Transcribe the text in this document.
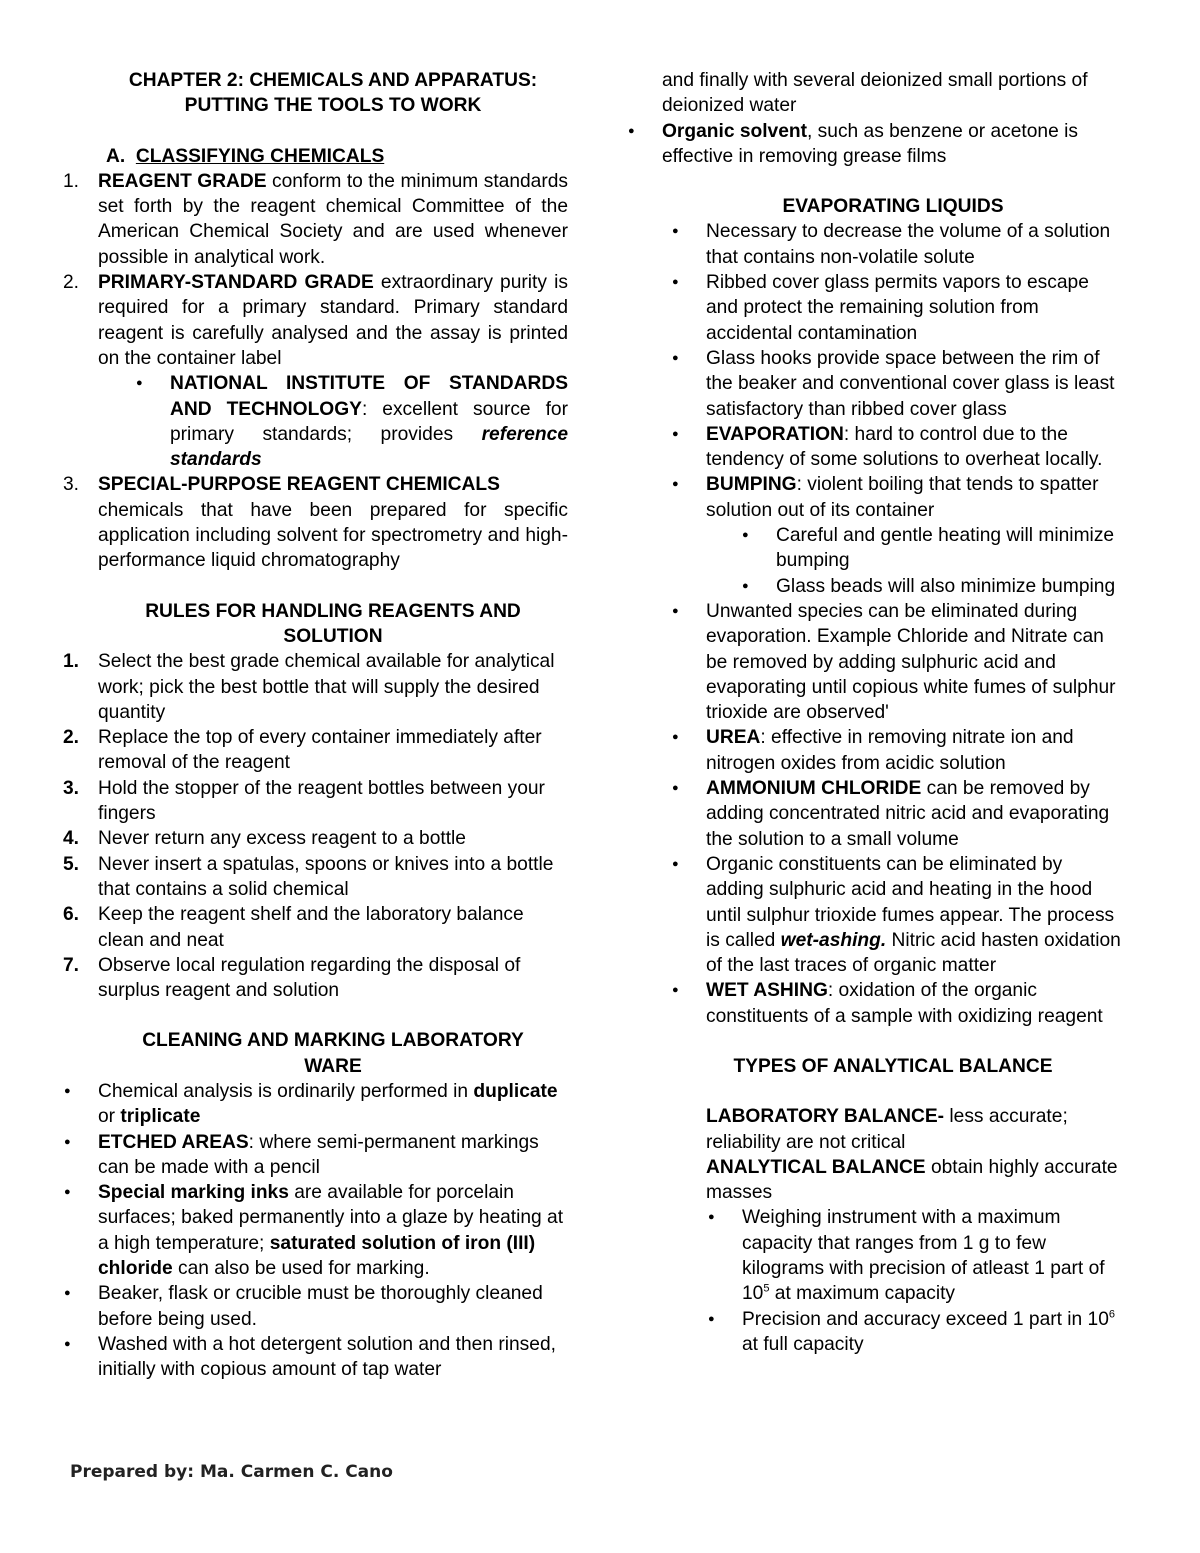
CHAPTER 2: CHEMICALS AND APPARATUS:

PUTTING THE TOOLS TO WORK

A. CLASSIFYING CHEMICALS

1. REAGENT GRADE conform to the minimum standards set forth by the reagent chemical Committee of the American Chemical Society and are used whenever possible in analytical work.
2. PRIMARY-STANDARD GRADE extraordinary purity is required for a primary standard. Primary standard reagent is carefully analysed and the assay is printed on the container label
● NATIONAL INSTITUTE OF STANDARDS AND TECHNOLOGY: excellent source for primary standards; provides reference standards
3. SPECIAL-PURPOSE REAGENT CHEMICALS
chemicals that have been prepared for specific application including solvent for spectrometry and high-performance liquid chromatography

RULES FOR HANDLING REAGENTS AND

SOLUTION

1. Select the best grade chemical available for analytical work; pick the best bottle that will supply the desired quantity
2. Replace the top of every container immediately after removal of the reagent
3. Hold the stopper of the reagent bottles between your fingers
4. Never return any excess reagent to a bottle
5. Never insert a spatulas, spoons or knives into a bottle that contains a solid chemical
6. Keep the reagent shelf and the laboratory balance clean and neat
7. Observe local regulation regarding the disposal of surplus reagent and solution

CLEANING AND MARKING LABORATORY

WARE

● Chemical analysis is ordinarily performed in duplicate or triplicate
● ETCHED AREAS: where semi-permanent markings can be made with a pencil
● Special marking inks are available for porcelain surfaces; baked permanently into a glaze by heating at a high temperature; saturated solution of iron (III) chloride can also be used for marking.
● Beaker, flask or crucible must be thoroughly cleaned before being used.
● Washed with a hot detergent solution and then rinsed, initially with copious amount of tap water

and finally with several deionized small portions of deionized water

● Organic solvent, such as benzene or acetone is effective in removing grease films

EVAPORATING LIQUIDS

● Necessary to decrease the volume of a solution that contains non-volatile solute
● Ribbed cover glass permits vapors to escape and protect the remaining solution from accidental contamination
● Glass hooks provide space between the rim of the beaker and conventional cover glass is least satisfactory than ribbed cover glass
● EVAPORATION: hard to control due to the tendency of some solutions to overheat locally.
● BUMPING: violent boiling that tends to spatter solution out of its container
● Careful and gentle heating will minimize bumping
● Glass beads will also minimize bumping
● Unwanted species can be eliminated during evaporation. Example Chloride and Nitrate can be removed by adding sulphuric acid and evaporating until copious white fumes of sulphur trioxide are observed'
● UREA: effective in removing nitrate ion and nitrogen oxides from acidic solution
● AMMONIUM CHLORIDE can be removed by adding concentrated nitric acid and evaporating the solution to a small volume
● Organic constituents can be eliminated by adding sulphuric acid and heating in the hood until sulphur trioxide fumes appear. The process is called wet-ashing. Nitric acid hasten oxidation of the last traces of organic matter
● WET ASHING: oxidation of the organic constituents of a sample with oxidizing reagent

TYPES OF ANALYTICAL BALANCE

LABORATORY BALANCE- less accurate; reliability are not critical

ANALYTICAL BALANCE obtain highly accurate masses

● Weighing instrument with a maximum capacity that ranges from 1 g to few kilograms with precision of atleast 1 part of $10^5$ at maximum capacity
● Precision and accuracy exceed 1 part in $10^6$ at full capacity
Prepared by: Ma. Carmen C. Cano
